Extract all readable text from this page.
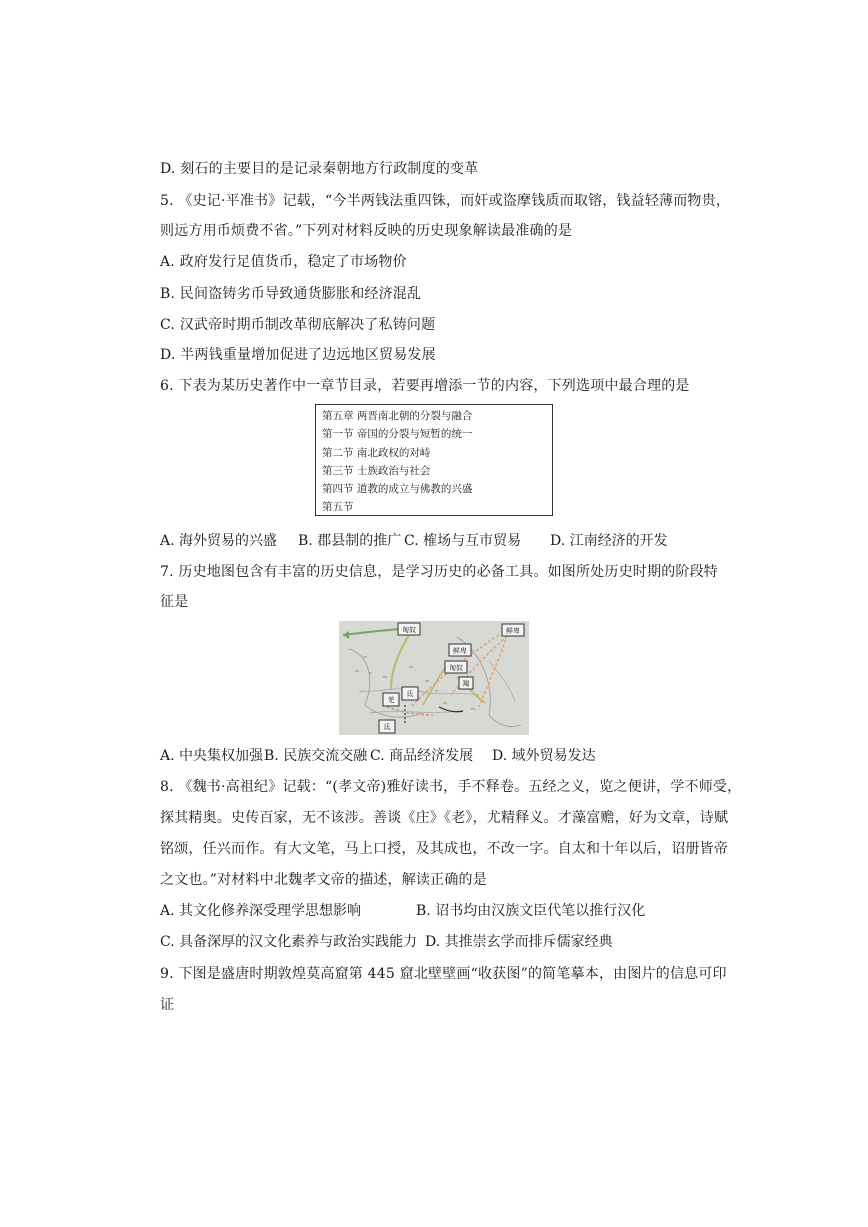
D. 刻石的主要目的是记录秦朝地方行政制度的变革
5. 《史记·平准书》记载，“今半两钱法重四铢，而奸或盗摩钱质而取镕，钱益轻薄而物贵，
则远方用币烦费不省。”下列对材料反映的历史现象解读最准确的是
A. 政府发行足值货币，稳定了市场物价
B. 民间盗铸劣币导致通货膨胀和经济混乱
C. 汉武帝时期币制改革彻底解决了私铸问题
D. 半两钱重量增加促进了边远地区贸易发展
6. 下表为某历史著作中一章节目录，若要再增添一节的内容，下列选项中最合理的是
第五章 两晋南北朝的分裂与融合
第一节 帝国的分裂与短暂的统一
第二节 南北政权的对峙
第三节 士族政治与社会
第四节 道教的成立与佛教的兴盛
第五节
A. 海外贸易的兴盛 B. 郡县制的推广 C. 榷场与互市贸易 D. 江南经济的开发
7. 历史地图包含有丰富的历史信息，是学习历史的必备工具。如图所处历史时期的阶段特
征是
匈奴	鲜卑
鲜卑
匈奴
羯
氐
羌
氐
A. 中央集权加强 B. 民族交流交融 C. 商品经济发展 D. 域外贸易发达
8. 《魏书·高祖纪》记载：“(孝文帝)雅好读书，手不释卷。五经之义，览之便讲，学不师受，
探其精奥。史传百家，无不该涉。善谈《庄》《老》，尤精释义。才藻富赡，好为文章，诗赋
铭颂，任兴而作。有大文笔，马上口授，及其成也，不改一字。自太和十年以后，诏册皆帝
之文也。”对材料中北魏孝文帝的描述，解读正确的是
A. 其文化修养深受理学思想影响	B. 诏书均由汉族文臣代笔以推行汉化
C. 具备深厚的汉文化素养与政治实践能力 D. 其推崇玄学而排斥儒家经典
9. 下图是盛唐时期敦煌莫高窟第 445 窟北壁壁画“收获图”的简笔摹本，由图片的信息可印
证
